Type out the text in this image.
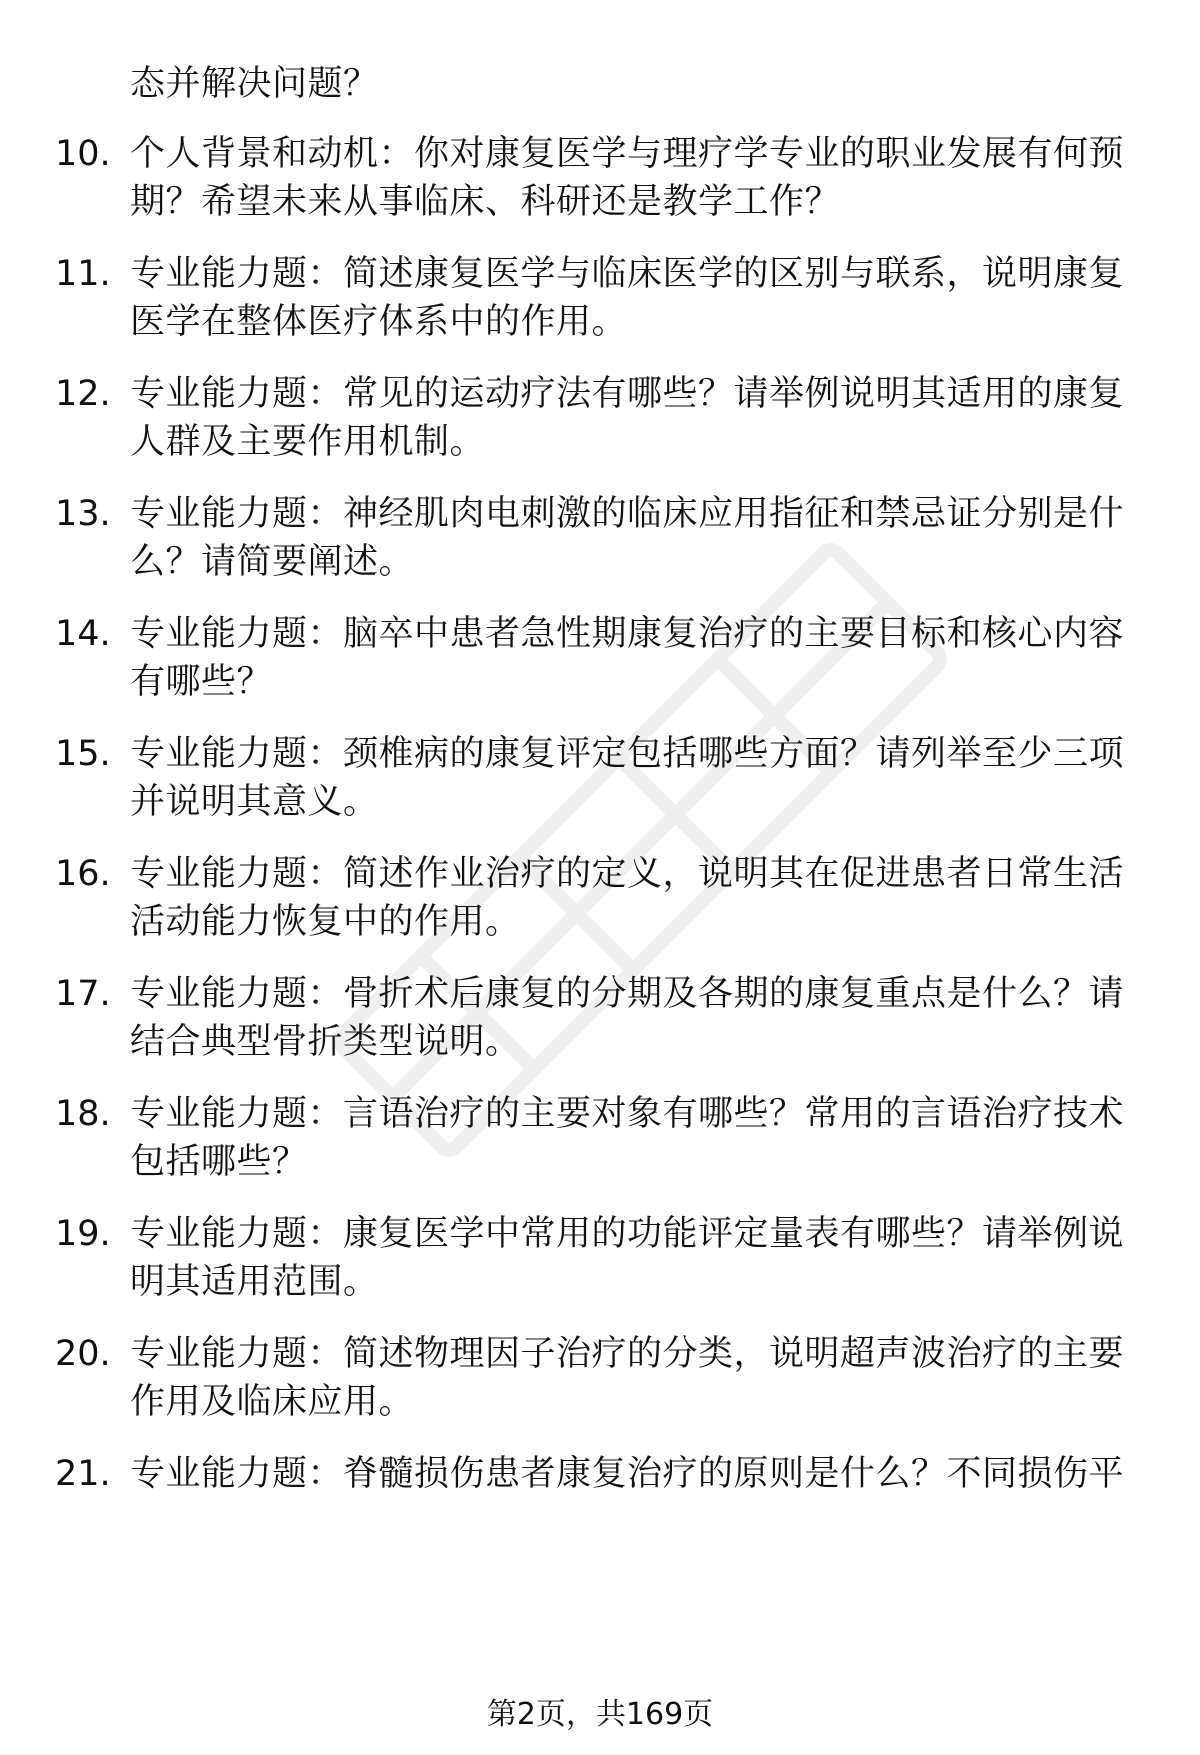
态并解决问题？
10. 个人背景和动机：你对康复医学与理疗学专业的职业发展有何预
期？希望未来从事临床、科研还是教学工作？
11. 专业能力题：简述康复医学与临床医学的区别与联系，说明康复
医学在整体医疗体系中的作用。
12. 专业能力题：常见的运动疗法有哪些？请举例说明其适用的康复
人群及主要作用机制。
13. 专业能力题：神经肌肉电刺激的临床应用指征和禁忌证分别是什
么？请简要阐述。
14. 专业能力题：脑卒中患者急性期康复治疗的主要目标和核心内容
有哪些？
15. 专业能力题：颈椎病的康复评定包括哪些方面？请列举至少三项
并说明其意义。
16. 专业能力题：简述作业治疗的定义，说明其在促进患者日常生活
活动能力恢复中的作用。
17. 专业能力题：骨折术后康复的分期及各期的康复重点是什么？请
结合典型骨折类型说明。
18. 专业能力题：言语治疗的主要对象有哪些？常用的言语治疗技术
包括哪些？
19. 专业能力题：康复医学中常用的功能评定量表有哪些？请举例说
明其适用范围。
20. 专业能力题：简述物理因子治疗的分类，说明超声波治疗的主要
作用及临床应用。
21. 专业能力题：脊髓损伤患者康复治疗的原则是什么？不同损伤平
第2页，共169页
